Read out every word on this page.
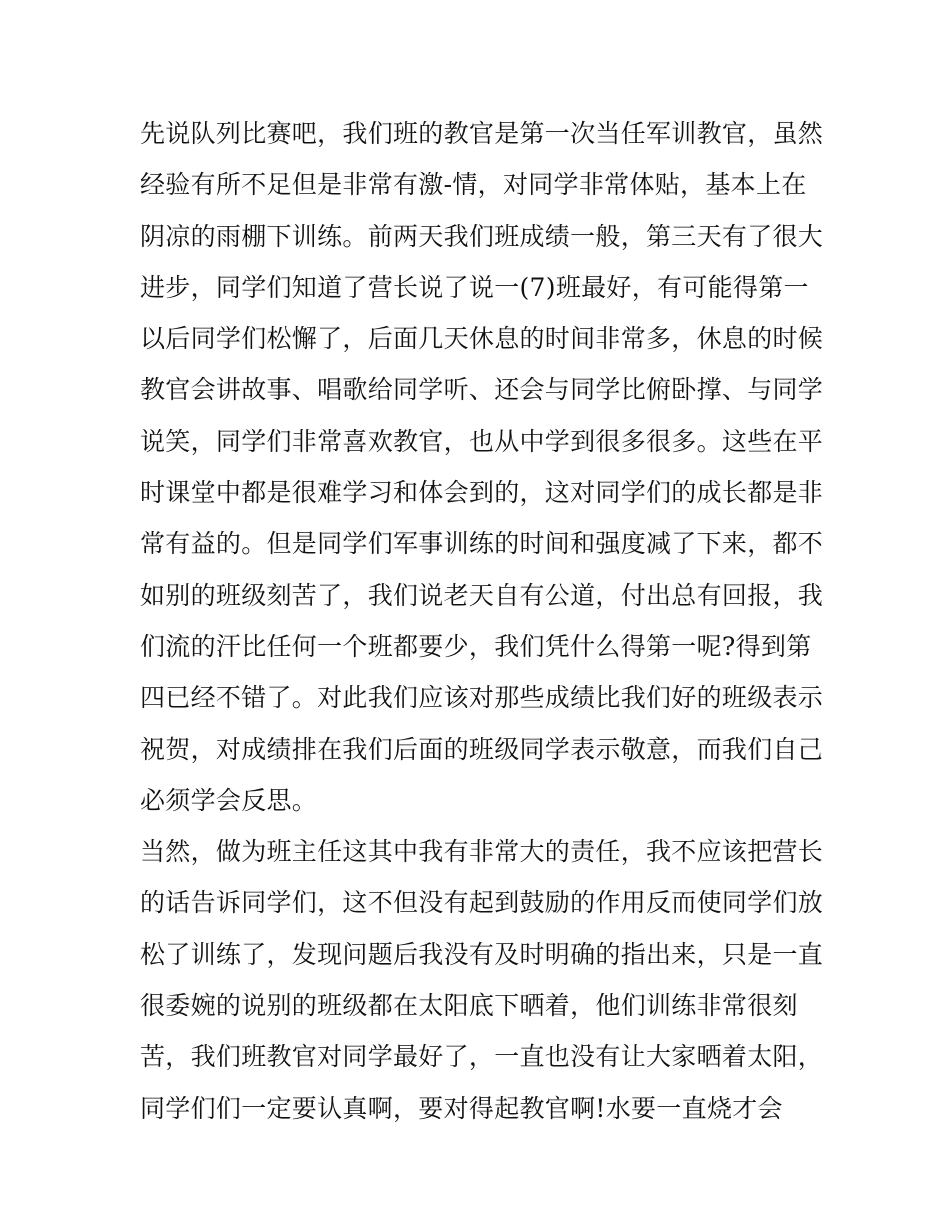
先说队列比赛吧，我们班的教官是第一次当任军训教官，虽然
经验有所不足但是非常有激-情，对同学非常体贴，基本上在
阴凉的雨棚下训练。前两天我们班成绩一般，第三天有了很大
进步，同学们知道了营长说了说一(7)班最好，有可能得第一
以后同学们松懈了，后面几天休息的时间非常多，休息的时候
教官会讲故事、唱歌给同学听、还会与同学比俯卧撑、与同学
说笑，同学们非常喜欢教官，也从中学到很多很多。这些在平
时课堂中都是很难学习和体会到的，这对同学们的成长都是非
常有益的。但是同学们军事训练的时间和强度减了下来，都不
如别的班级刻苦了，我们说老天自有公道，付出总有回报，我
们流的汗比任何一个班都要少，我们凭什么得第一呢?得到第
四已经不错了。对此我们应该对那些成绩比我们好的班级表示
祝贺，对成绩排在我们后面的班级同学表示敬意，而我们自己
必须学会反思。
当然，做为班主任这其中我有非常大的责任，我不应该把营长
的话告诉同学们，这不但没有起到鼓励的作用反而使同学们放
松了训练了，发现问题后我没有及时明确的指出来，只是一直
很委婉的说别的班级都在太阳底下晒着，他们训练非常很刻
苦，我们班教官对同学最好了，一直也没有让大家晒着太阳，
同学们们一定要认真啊，要对得起教官啊!水要一直烧才会
